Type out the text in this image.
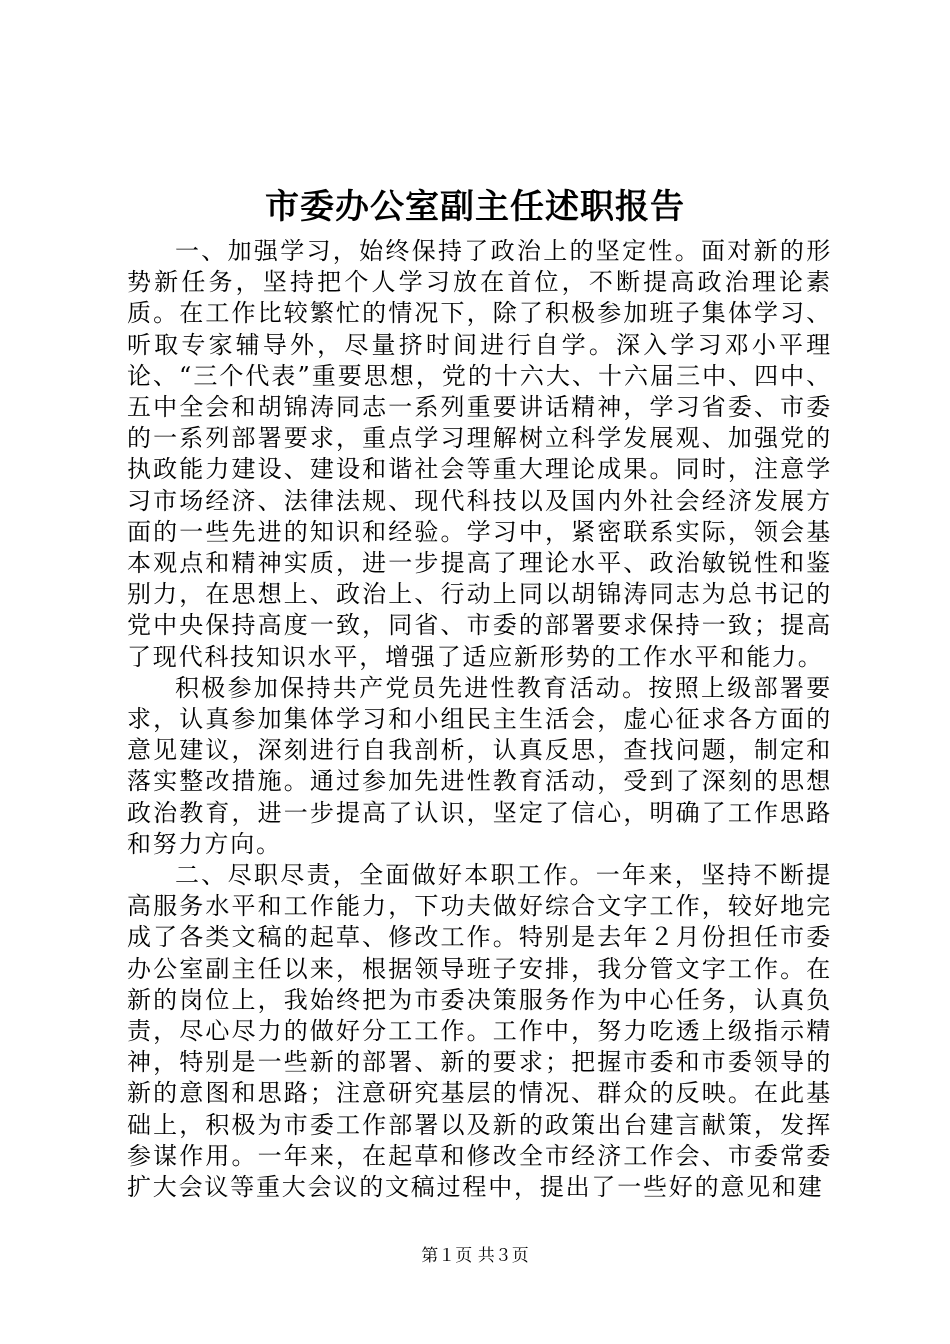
市委办公室副主任述职报告

一、加强学习，始终保持了政治上的坚定性。面对新的形势新任务，坚持把个人学习放在首位，不断提高政治理论素质。在工作比较繁忙的情况下，除了积极参加班子集体学习、听取专家辅导外，尽量挤时间进行自学。深入学习邓小平理论、“三个代表”重要思想，党的十六大、十六届三中、四中、五中全会和胡锦涛同志一系列重要讲话精神，学习省委、市委的一系列部署要求，重点学习理解树立科学发展观、加强党的执政能力建设、建设和谐社会等重大理论成果。同时，注意学习市场经济、法律法规、现代科技以及国内外社会经济发展方面的一些先进的知识和经验。学习中，紧密联系实际，领会基本观点和精神实质，进一步提高了理论水平、政治敏锐性和鉴别力，在思想上、政治上、行动上同以胡锦涛同志为总书记的党中央保持高度一致，同省、市委的部署要求保持一致；提高了现代科技知识水平，增强了适应新形势的工作水平和能力。

积极参加保持共产党员先进性教育活动。按照上级部署要求，认真参加集体学习和小组民主生活会，虚心征求各方面的意见建议，深刻进行自我剖析，认真反思，查找问题，制定和落实整改措施。通过参加先进性教育活动，受到了深刻的思想政治教育，进一步提高了认识，坚定了信心，明确了工作思路和努力方向。

二、尽职尽责，全面做好本职工作。一年来，坚持不断提高服务水平和工作能力，下功夫做好综合文字工作，较好地完成了各类文稿的起草、修改工作。特别是去年２月份担任市委办公室副主任以来，根据领导班子安排，我分管文字工作。在新的岗位上，我始终把为市委决策服务作为中心任务，认真负责，尽心尽力的做好分工工作。工作中，努力吃透上级指示精神，特别是一些新的部署、新的要求；把握市委和市委领导的新的意图和思路；注意研究基层的情况、群众的反映。在此基础上，积极为市委工作部署以及新的政策出台建言献策，发挥参谋作用。一年来，在起草和修改全市经济工作会、市委常委扩大会议等重大会议的文稿过程中，提出了一些好的意见和建

第１页 共３页
